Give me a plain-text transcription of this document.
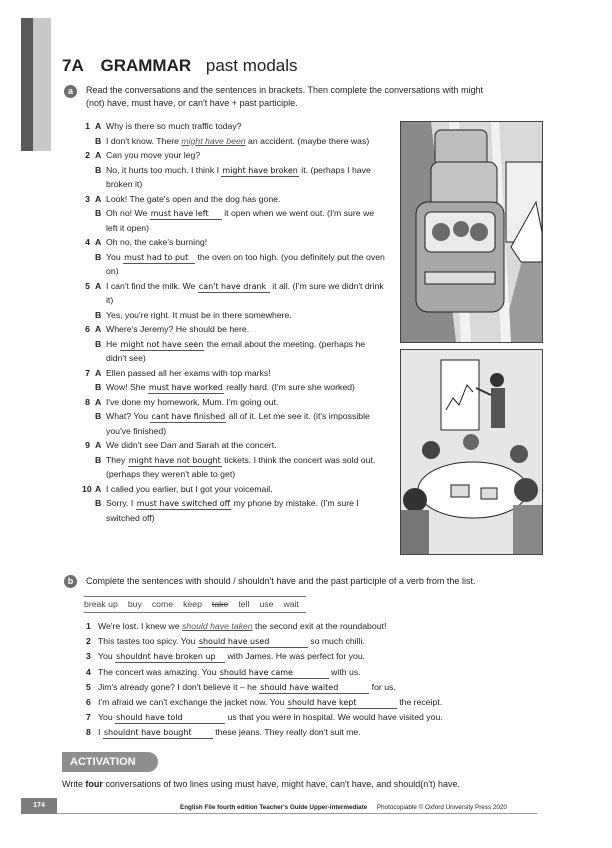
7A GRAMMAR past modals
a	Read the conversations and the sentences in brackets. Then complete the conversations with might
(not) have, must have, or can't have + past participle.
1 A Why is there so much traffic today?
B I don't know. There might have been an accident. (maybe there was)
2 A Can you move your leg?
B No, it hurts too much. I think I might have broken it. (perhaps I have broken it)
3 A Look! The gate's open and the dog has gone.
B Oh no! We must have left it open when we went out. (I'm sure we left it open)
4 A Oh no, the cake's burning!
B You must had to put the oven on too high. (you definitely put the oven on)
5 A I can't find the milk. We can't have drank it all. (I'm sure we didn't drink it)
B Yes, you're right. It must be in there somewhere.
6 A Where's Jeremy? He should be here.
B He might not have seen the email about the meeting. (perhaps he didn't see)
7 A Ellen passed all her exams with top marks!
B Wow! She must have worked really hard. (I'm sure she worked)
8 A I've done my homework, Mum. I'm going out.
B What? You cant have finished all of it. Let me see it. (it's impossible you've finished)
9 A We didn't see Dan and Sarah at the concert.
B They might have not bought tickets. I think the concert was sold out. (perhaps they weren't able to get)
10 A I called you earlier, but I got your voicemail.
B Sorry. I must have switched off my phone by mistake. (I'm sure I switched off)
b	Complete the sentences with should / shouldn't have and the past participle of a verb from the list.
break up buy come keep take tell use wait
1 We're lost. I knew we should have taken the second exit at the roundabout!
2 This tastes too spicy. You should have used	so much chilli.
3 You shouldnt have broken up with James. He was perfect for you.
4 The concert was amazing. You should have came	with us.
5 Jim's already gone? I don't believe it – he should have waited	for us.
6 I'm afraid we can't exchange the jacket now. You should have kept	the receipt.
7 You should have told	us that you were in hospital. We would have visited you.
8 I shouldnt have bought these jeans. They really don't suit me.
ACTIVATION
Write four conversations of two lines using must have, might have, can't have, and should(n't) have.
174	English File fourth edition Teacher's Guide Upper-intermediate Photocopiable © Oxford University Press 2020
